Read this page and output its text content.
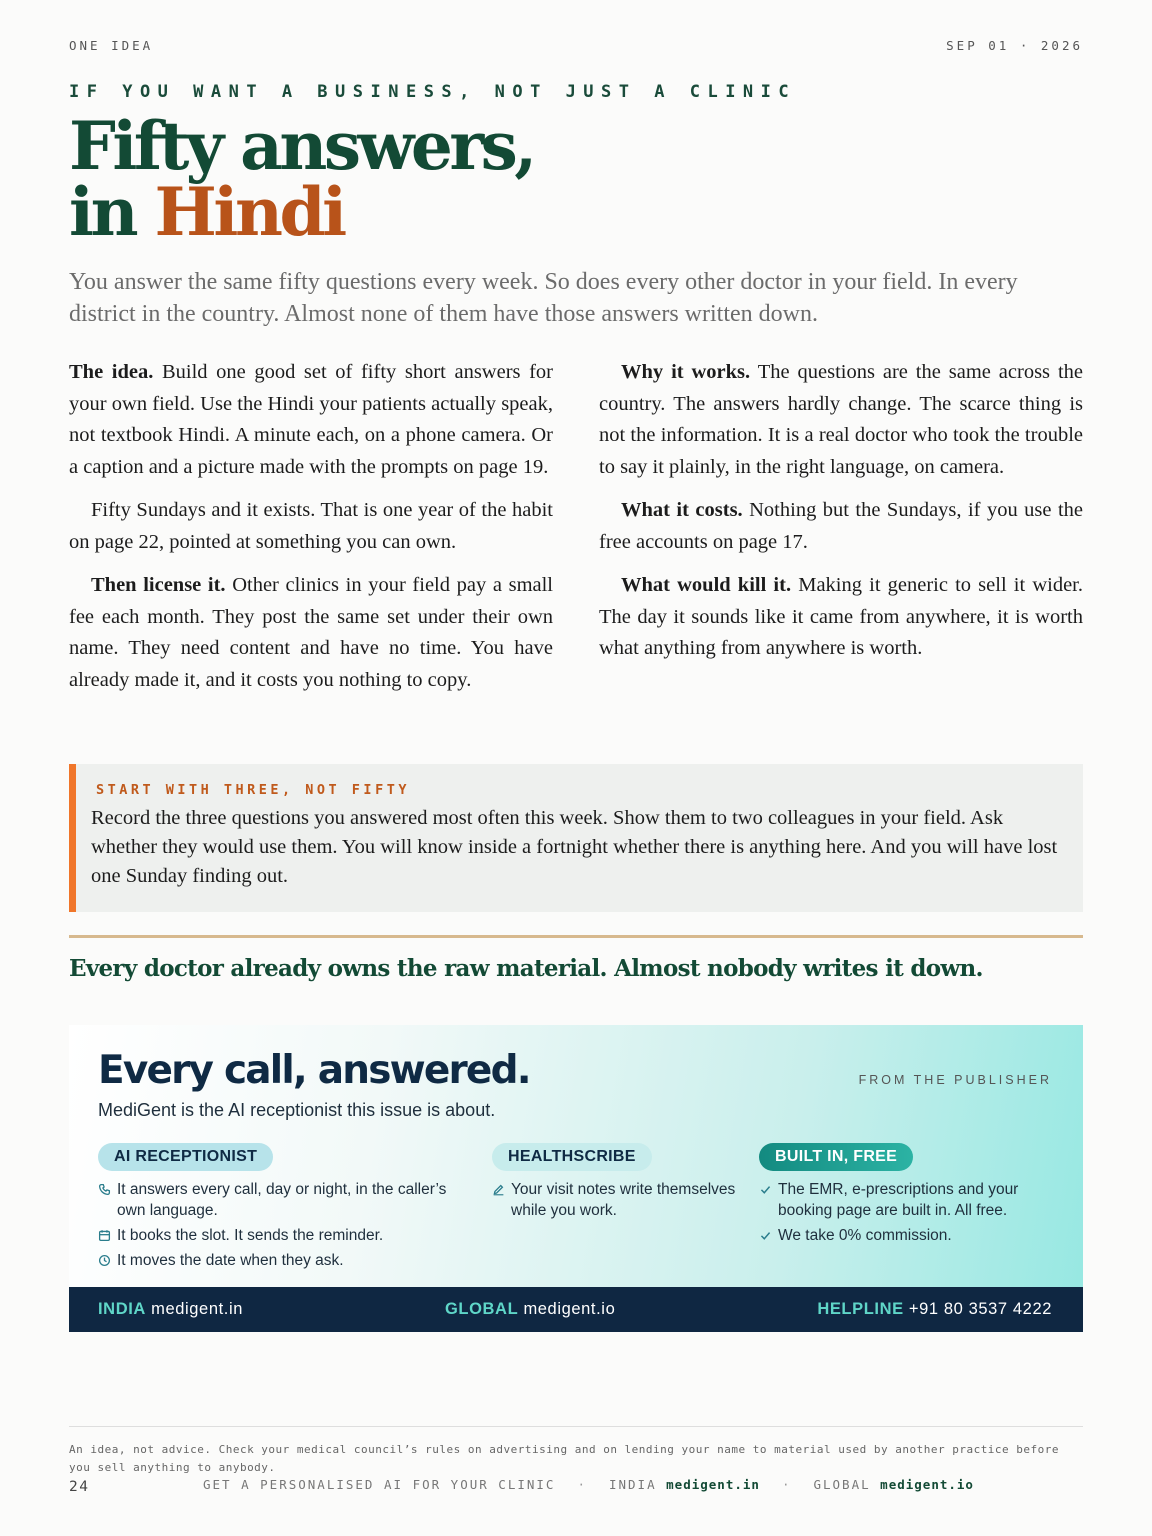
ONE IDEA	SEP 01 · 2026
IF YOU WANT A BUSINESS, NOT JUST A CLINIC
Fifty answers,
in Hindi

You answer the same fifty questions every week. So does every other doctor in your field. In every district in the country. Almost none of them have those answers written down.

The idea. Build one good set of fifty short answers for your own field. Use the Hindi your patients actually speak, not textbook Hindi. A minute each, on a phone camera. Or a caption and a picture made with the prompts on page 19.

Fifty Sundays and it exists. That is one year of the habit on page 22, pointed at something you can own.

Then license it. Other clinics in your field pay a small fee each month. They post the same set under their own name. They need content and have no time. You have already made it, and it costs you nothing to copy.

Why it works. The questions are the same across the country. The answers hardly change. The scarce thing is not the information. It is a real doctor who took the trouble to say it plainly, in the right language, on camera.

What it costs. Nothing but the Sundays, if you use the free accounts on page 17.

What would kill it. Making it generic to sell it wider. The day it sounds like it came from anywhere, it is worth what anything from anywhere is worth.

START WITH THREE, NOT FIFTY
Record the three questions you answered most often this week. Show them to two colleagues in your field. Ask whether they would use them. You will know inside a fortnight whether there is anything here. And you will have lost one Sunday finding out.
Every doctor already owns the raw material. Almost nobody writes it down.
Every call, answered.	FROM THE PUBLISHER
MediGent is the AI receptionist this issue is about.
AI RECEPTIONIST
It answers every call, day or night, in the caller’s own language.
It books the slot. It sends the reminder.
It moves the date when they ask.
HEALTHSCRIBE
Your visit notes write themselves while you work.
BUILT IN, FREE
The EMR, e-prescriptions and your booking page are built in. All free.
We take 0% commission.
INDIA medigent.in	GLOBAL medigent.io	HELPLINE +91 80 3537 4222
An idea, not advice. Check your medical council’s rules on advertising and on lending your name to material used by another practice before you sell anything to anybody.
24	GET A PERSONALISED AI FOR YOUR CLINIC · INDIA medigent.in · GLOBAL medigent.io
